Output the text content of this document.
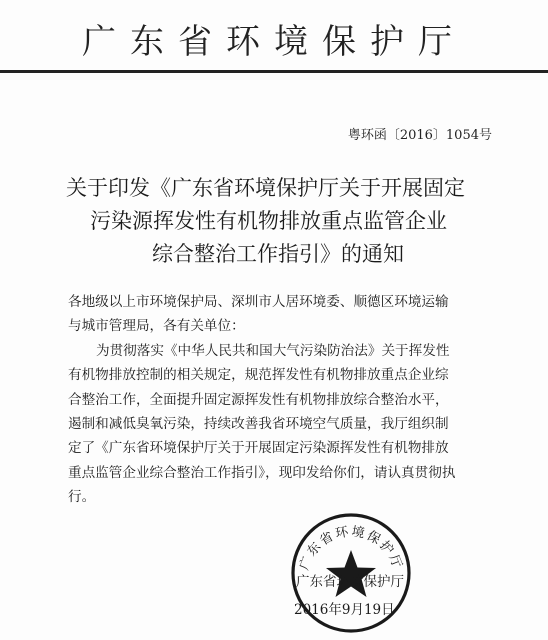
广东省环境保护厅
粤环函〔2016〕1054号
关于印发《广东省环境保护厅关于开展固定
污染源挥发性有机物排放重点监管企业
综合整治工作指引》的通知
各地级以上市环境保护局、深圳市人居环境委、顺德区环境运输
与城市管理局，各有关单位：
为贯彻落实《中华人民共和国大气污染防治法》关于挥发性
有机物排放控制的相关规定，规范挥发性有机物排放重点企业综
合整治工作，全面提升固定源挥发性有机物排放综合整治水平，
遏制和减低臭氧污染，持续改善我省环境空气质量，我厅组织制
定了《广东省环境保护厅关于开展固定污染源挥发性有机物排放
重点监管企业综合整治工作指引》，现印发给你们，请认真贯彻执
行。
广东省环境保护厅
广东省环境保护厅
2016年9月19日
